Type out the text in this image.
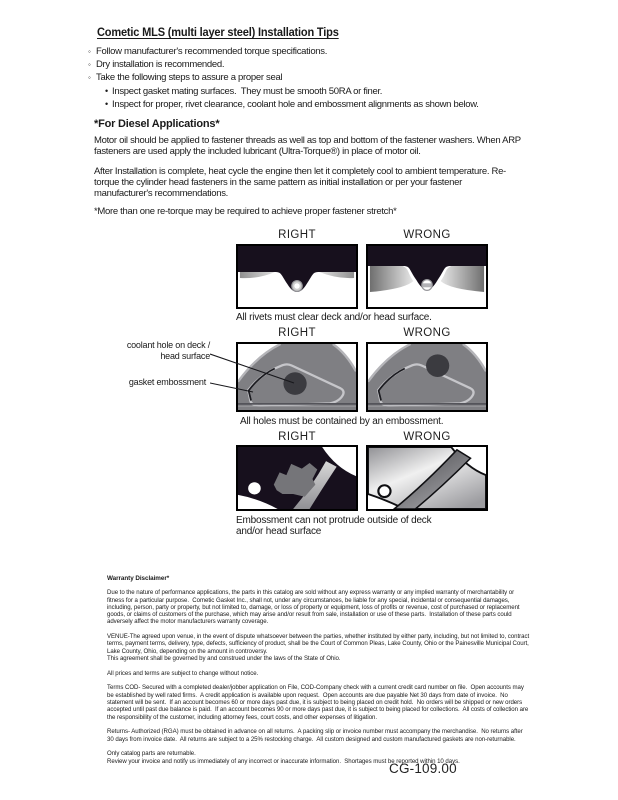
Cometic MLS (multi layer steel) Installation Tips
◦ Follow manufacturer's recommended torque specifications.
◦ Dry installation is recommended.
◦ Take the following steps to assure a proper seal
• Inspect gasket mating surfaces.  They must be smooth 50RA or finer.
• Inspect for proper, rivet clearance, coolant hole and embossment alignments as shown below.
*For Diesel Applications*

Motor oil should be applied to fastener threads as well as top and bottom of the fastener washers. When ARP fasteners are used apply the included lubricant (Ultra-Torque®) in place of motor oil.

After Installation is complete, heat cycle the engine then let it completely cool to ambient temperature. Re-torque the cylinder head fasteners in the same pattern as initial installation or per your fastener manufacturer's recommendations.

*More than one re-torque may be required to achieve proper fastener stretch*

RIGHT	WRONG
All rivets must clear deck and/or head surface.
RIGHT	WRONG
coolant hole on deck / head surface
gasket embossment
All holes must be contained by an embossment.
RIGHT	WRONG
Embossment can not protrude outside of deck and/or head surface

Warranty Disclaimer*

Due to the nature of performance applications, the parts in this catalog are sold without any express warranty or any implied warranty of merchantability or fitness for a particular purpose.  Cometic Gasket Inc., shall not, under any circumstances, be liable for any special, incidental or consequential damages, including, person, party or property, but not limited to, damage, or loss of property or equipment, loss of profits or revenue, cost of purchased or replacement goods, or claims of customers of the purchase, which may arise and/or result from sale, installation or use of these parts.  Installation of these parts could adversely affect the motor manufacturers warranty coverage.

VENUE-The agreed upon venue, in the event of dispute whatsoever between the parties, whether instituted by either party, including, but not limited to, contract terms, payment terms, delivery, type, defects, sufficiency of product, shall be the Court of Common Pleas, Lake County, Ohio or the Painesville Municipal Court, Lake County, Ohio, depending on the amount in controversy.

This agreement shall be governed by and construed under the laws of the State of Ohio.

All prices and terms are subject to change without notice.

Terms COD- Secured with a completed dealer/jobber application on File, COD-Company check with a current credit card number on file.  Open accounts may be established by well rated firms.  A credit application is available upon request.  Open accounts are due payable Net 30 days from date of invoice.  No statement will be sent.  If an account becomes 60 or more days past due, it is subject to being placed on credit hold.  No orders will be shipped or new orders accepted until past due balance is paid.  If an account becomes 90 or more days past due, it is subject to being placed for collections.  All costs of collection are the responsibility of the customer, including attorney fees, court costs, and other expenses of litigation.

Returns- Authorized (RGA) must be obtained in advance on all returns.  A packing slip or invoice number must accompany the merchandise.  No returns after 30 days from invoice date.  All returns are subject to a 25% restocking charge.  All custom designed and custom manufactured gaskets are non-returnable.

Only catalog parts are returnable.

Review your invoice and notify us immediately of any incorrect or inaccurate information.  Shortages must be reported within 10 days.

CG-109.00
